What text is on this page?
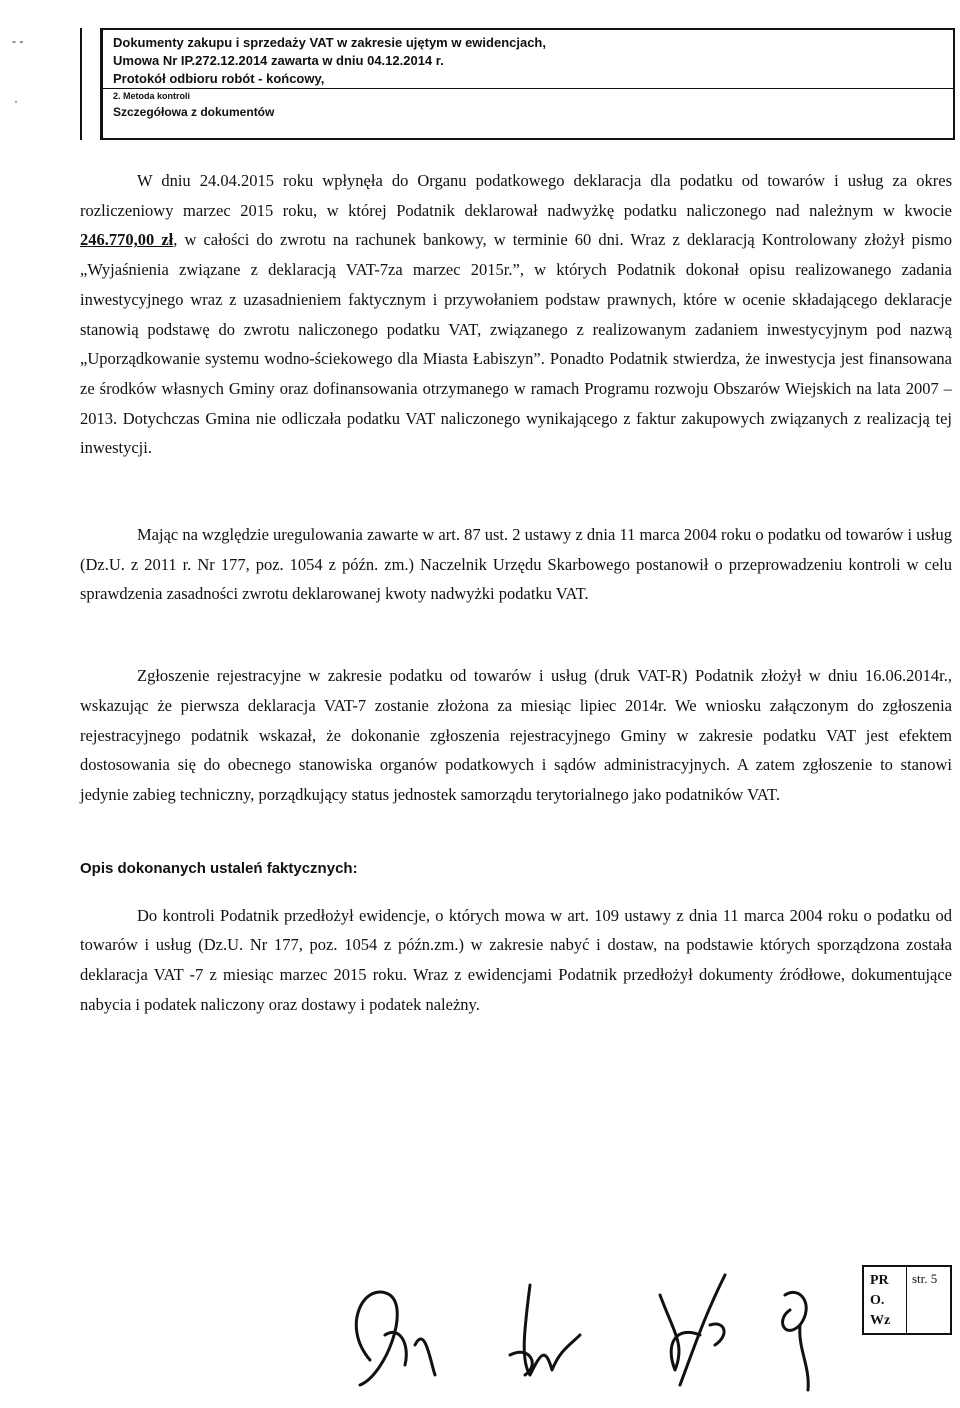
- -
·
Dokumenty zakupu i sprzedaży VAT w zakresie ujętym w ewidencjach,
Umowa Nr IP.272.12.2014 zawarta w dniu 04.12.2014 r.
Protokół odbioru robót - końcowy,
2. Metoda kontroli
Szczegółowa z dokumentów

W dniu 24.04.2015 roku wpłynęła do Organu podatkowego deklaracja dla podatku od towarów i usług za okres rozliczeniowy marzec 2015 roku, w której Podatnik deklarował nadwyżkę podatku naliczonego nad należnym w kwocie 246.770,00 zł, w całości do zwrotu na rachunek bankowy, w terminie 60 dni. Wraz z deklaracją Kontrolowany złożył pismo „Wyjaśnienia związane z deklaracją VAT-7za marzec 2015r.”, w których Podatnik dokonał opisu realizowanego zadania inwestycyjnego wraz z uzasadnieniem faktycznym i przywołaniem podstaw prawnych, które w ocenie składającego deklaracje stanowią podstawę do zwrotu naliczonego podatku VAT, związanego z realizowanym zadaniem inwestycyjnym pod nazwą „Uporządkowanie systemu wodno-ściekowego dla Miasta Łabiszyn”. Ponadto Podatnik stwierdza, że inwestycja jest finansowana ze środków własnych Gminy oraz dofinansowania otrzymanego w ramach Programu rozwoju Obszarów Wiejskich na lata 2007 – 2013. Dotychczas Gmina nie odliczała podatku VAT naliczonego wynikającego z faktur zakupowych związanych z realizacją tej inwestycji.

Mając na względzie uregulowania zawarte w art. 87 ust. 2 ustawy z dnia 11 marca 2004 roku o podatku od towarów i usług (Dz.U. z 2011 r. Nr 177, poz. 1054 z późn. zm.) Naczelnik Urzędu Skarbowego postanowił o przeprowadzeniu kontroli w celu sprawdzenia zasadności zwrotu deklarowanej kwoty nadwyżki podatku VAT.

Zgłoszenie rejestracyjne w zakresie podatku od towarów i usług (druk VAT-R) Podatnik złożył w dniu 16.06.2014r., wskazując że pierwsza deklaracja VAT-7 zostanie złożona za miesiąc lipiec 2014r. We wniosku załączonym do zgłoszenia rejestracyjnego podatnik wskazał, że dokonanie zgłoszenia rejestracyjnego Gminy w zakresie podatku VAT jest efektem dostosowania się do obecnego stanowiska organów podatkowych i sądów administracyjnych. A zatem zgłoszenie to stanowi jedynie zabieg techniczny, porządkujący status jednostek samorządu terytorialnego jako podatników VAT.

Opis dokonanych ustaleń faktycznych:

Do kontroli Podatnik przedłożył ewidencje, o których mowa w art. 109 ustawy z dnia 11 marca 2004 roku o podatku od towarów i usług (Dz.U. Nr 177, poz. 1054 z późn.zm.) w zakresie nabyć i dostaw, na podstawie których sporządzona została deklaracja VAT -7 z miesiąc marzec 2015 roku. Wraz z ewidencjami Podatnik przedłożył dokumenty źródłowe, dokumentujące nabycia i podatek naliczony oraz dostawy i podatek należny.

PR
O.
Wz
str. 5
